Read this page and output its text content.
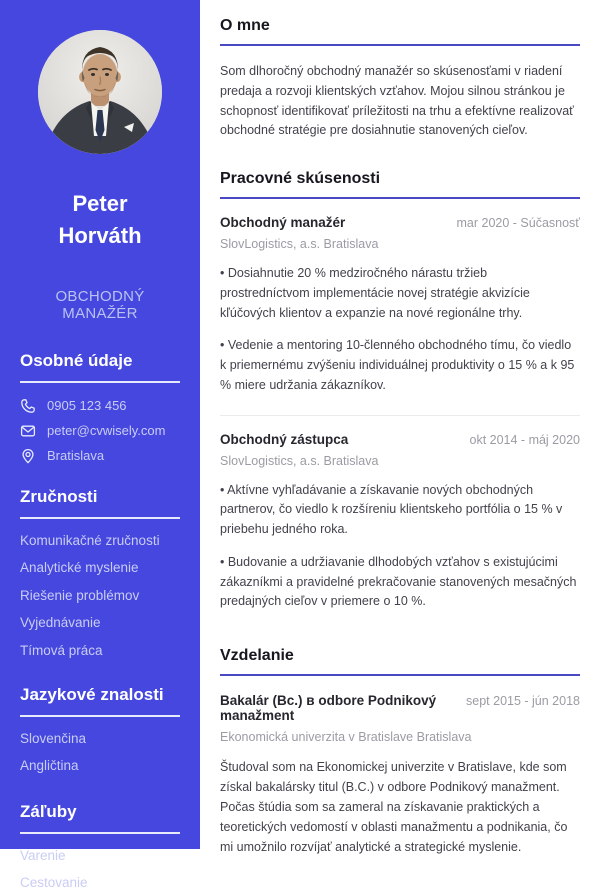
Peter
Horváth
OBCHODNÝ MANAŽÉR
Osobné údaje
0905 123 456
peter@cvwisely.com
Bratislava
Zručnosti
Komunikačné zručnosti
Analytické myslenie
Riešenie problémov
Vyjednávanie
Tímová práca
Jazykové znalosti
Slovenčina
Angličtina
Záľuby
Varenie
Cestovanie
O mne

Som dlhoročný obchodný manažér so skúsenosťami v riadení predaja a rozvoji klientských vzťahov. Mojou silnou stránkou je schopnosť identifikovať príležitosti na trhu a efektívne realizovať obchodné stratégie pre dosiahnutie stanovených cieľov.

Pracovné skúsenosti
Obchodný manažér	mar 2020 - Súčasnosť
SlovLogistics, a.s. Bratislava

• Dosiahnutie 20 % medziročného nárastu tržieb prostredníctvom implementácie novej stratégie akvizície kľúčových klientov a expanzie na nové regionálne trhy.

• Vedenie a mentoring 10-členného obchodného tímu, čo viedlo k priemernému zvýšeniu individuálnej produktivity o 15 % a k 95 % miere udržania zákazníkov.

Obchodný zástupca	okt 2014 - máj 2020
SlovLogistics, a.s. Bratislava

• Aktívne vyhľadávanie a získavanie nových obchodných partnerov, čo viedlo k rozšíreniu klientskeho portfólia o 15 % v priebehu jedného roka.

• Budovanie a udržiavanie dlhodobých vzťahov s existujúcimi zákazníkmi a pravidelné prekračovanie stanovených mesačných predajných cieľov v priemere o 10 %.

Vzdelanie
Bakalár (Bc.) в odbore Podnikový manažment
sept 2015 - jún 2018
Ekonomická univerzita v Bratislave Bratislava

Študoval som na Ekonomickej univerzite v Bratislave, kde som získal bakalársky titul (B.C.) v odbore Podnikový manažment. Počas štúdia som sa zameral na získavanie praktických a teoretických vedomostí v oblasti manažmentu a podnikania, čo mi umožnilo rozvíjať analytické a strategické myslenie.
